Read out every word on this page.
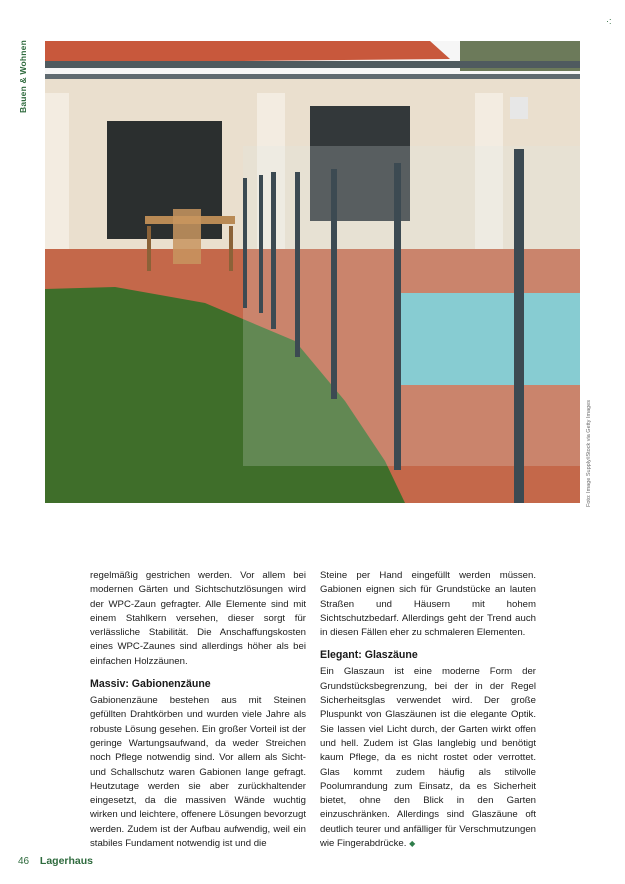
·:
Bauen & Wohnen
Foto: Image Supply/iStock via Getty Images

regelmäßig gestrichen werden. Vor allem bei modernen Gärten und Sichtschutzlösungen wird der WPC-Zaun gefragter. Alle Elemente sind mit einem Stahlkern versehen, dieser sorgt für verlässliche Stabilität. Die Anschaffungskosten eines WPC-Zaunes sind allerdings höher als bei einfachen Holzzäunen.

Massiv: Gabionenzäune

Gabionenzäune bestehen aus mit Steinen gefüllten Drahtkörben und wurden viele Jahre als robuste Lösung gesehen. Ein großer Vorteil ist der geringe Wartungsaufwand, da weder Streichen noch Pflege notwendig sind. Vor allem als Sicht- und Schallschutz waren Gabionen lange gefragt. Heutzutage werden sie aber zurückhaltender eingesetzt, da die massiven Wände wuchtig wirken und leichtere, offenere Lösungen bevorzugt werden. Zudem ist der Aufbau aufwendig, weil ein stabiles Fundament notwendig ist und die

Steine per Hand eingefüllt werden müssen. Gabionen eignen sich für Grundstücke an lauten Straßen und Häusern mit hohem Sichtschutzbedarf. Allerdings geht der Trend auch in diesen Fällen eher zu schmaleren Elementen.

Elegant: Glaszäune

Ein Glaszaun ist eine moderne Form der Grundstücksbegrenzung, bei der in der Regel Sicherheitsglas verwendet wird. Der große Pluspunkt von Glaszäunen ist die elegante Optik. Sie lassen viel Licht durch, der Garten wirkt offen und hell. Zudem ist Glas langlebig und benötigt kaum Pflege, da es nicht rostet oder verrottet. Glas kommt zudem häufig als stilvolle Poolumrandung zum Einsatz, da es Sicherheit bietet, ohne den Blick in den Garten einzuschränken. Allerdings sind Glaszäune oft deutlich teurer und anfälliger für Verschmutzungen wie Fingerabdrücke. ◆

46 Lagerhaus
